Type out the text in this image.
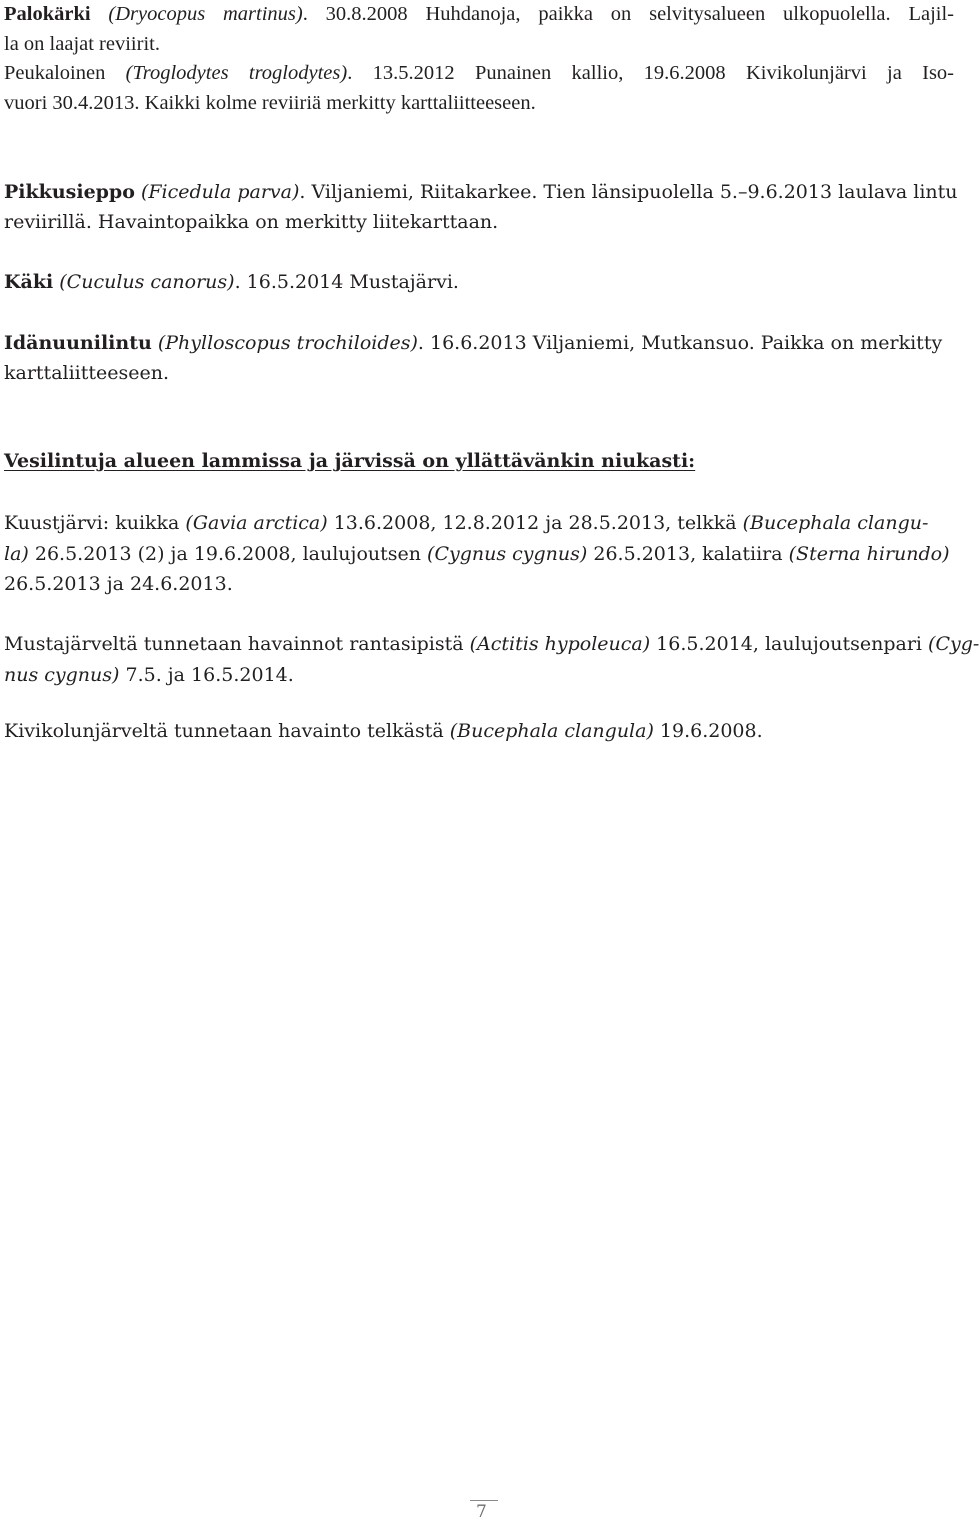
Palokärki (Dryocopus martinus). 30.8.2008 Huhdanoja, paikka on selvitysalueen ulkopuolella. Lajil-
la on laajat reviirit.
Peukaloinen (Troglodytes troglodytes). 13.5.2012 Punainen kallio, 19.6.2008 Kivikolunjärvi ja Iso-
vuori 30.4.2013. Kaikki kolme reviiriä merkitty karttaliitteeseen.
Pikkusieppo (Ficedula parva). Viljaniemi, Riitakarkee. Tien länsipuolella 5.–9.6.2013 laulava lintu
reviirillä. Havaintopaikka on merkitty liitekarttaan.
Käki (Cuculus canorus). 16.5.2014 Mustajärvi.
Idänuunilintu (Phylloscopus trochiloides). 16.6.2013 Viljaniemi, Mutkansuo. Paikka on merkitty
karttaliitteeseen.
Vesilintuja alueen lammissa ja järvissä on yllättävänkin niukasti:
Kuustjärvi: kuikka (Gavia arctica) 13.6.2008, 12.8.2012 ja 28.5.2013, telkkä (Bucephala clangu-
la) 26.5.2013 (2) ja 19.6.2008, laulujoutsen (Cygnus cygnus) 26.5.2013, kalatiira (Sterna hirundo)
26.5.2013 ja 24.6.2013.
Mustajärveltä tunnetaan havainnot rantasipistä (Actitis hypoleuca) 16.5.2014, laulujoutsenpari (Cyg-
nus cygnus) 7.5. ja 16.5.2014.
Kivikolunjärveltä tunnetaan havainto telkästä (Bucephala clangula) 19.6.2008.
7
